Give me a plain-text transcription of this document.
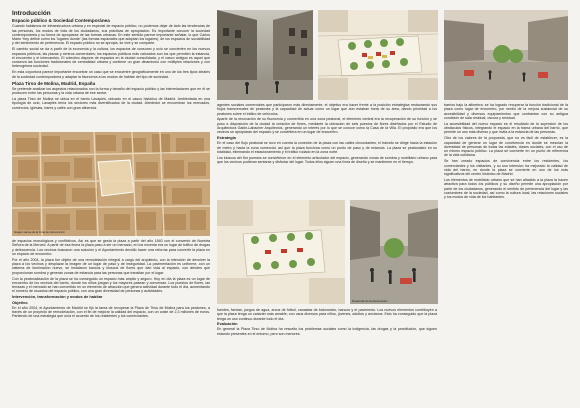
Introducción
Espacio público & Sociedad Contemporánea

Cuando hablamos de infraestructura urbana y en especial de espacio público, no podemos dejar de lado las tendencias de las personas, los modos de vida de los ciudadanos, sus prácticas de apropiación. Es importante conocer la sociedad contemporánea y su forma de apropiarse de las formas urbanas. En este sentido parece importante señalar, lo que Carlos Mario Yory define como los 'lugares donde' (las formas espaciales que adoptan los lugares), de los espacios de sociabilidad y del sentimiento de pertenencia. El espacio público no se apropia, se vive y se comparte.

El cambio social se da a partir de la economía y la cultura, los espacios de consumo y ocio se convierten en los nuevos espacios públicos, las plazas y centros comerciales; los espacios públicos más valorados son los que permiten la estancia, el encuentro y el intercambio. El colectivo dispone de espacios en la ciudad consolidada, y el casco antiguo es aquel que conserva las funciones tradicionales de centralidad urbana y contiene un gran dinamismo con múltiples relaciones y con heterogénea sociedad.

En esta coyuntura parece importante encontrar un caso que se encuentre geográficamente en uno de los tres tipos ideales de la sociedad contemporánea y adaptar la fisonomía a los modos de habitar del tipo de sociedad.

Plaza Tirso de Molina, Madrid, España

Se pretende analizar los aspectos relacionados con la forma y tamaño del espacio público y las interrelaciones que en él se producen entre las personas y la vida urbana de ese sector.

La plaza Tirso de Molina se ubica en el barrio Lavapiés, ubicado en el casco histórico de Madrid. Ambientada en una tipología de ocio, Lavapiés tenía los sectores más diversificados de la ciudad. Alrededor se encuentran los mercados, comercios, iglesias, bares y cafés con gran afluencia.

Imagen aérea de la zona de intervención

de espacios monológicos y conflictivos. Así es que se gesta la plaza a partir del año 1840 con el convento de Nuestra Señora de la Merced. A partir de esa fecha la plaza paso a ser un mercado, en los noventa era un lugar de tráfico de drogas y delincuencia. Los vecinos buscaron una solución y el Ayuntamiento decidió hacer una reforma para convertir la plaza en un espacio de encuentro.

Por el año 2004, la plaza fue objeto de una remodelación integral a cargo del arquitecto, con la intención de devolver la plaza a los vecinos y desplazar la imagen de un lugar de paso y de inseguridad. La pavimentación es uniforme, con un sistema de iluminación nuevo, se instalaron bancos y kioscos de flores que dan vida al espacio, con árboles que proporcionan sombra y generan zonas de estancia para las personas que transitan por el lugar.

Con la peatonalización de la plaza se ha conseguido un espacio más amplio y seguro. Hoy en día la plaza es un lugar de encuentro de los vecinos del barrio, donde los niños juegan y los mayores pasean y conversan. Los puestos de flores, las terrazas y el mercado se han convertido en un elemento de atracción que genera actividad durante todo el día, aumentando el número de usuarios del espacio público, con una gran diversidad de personas y actividades.

Intervención, transformación y modos de habitar
Objetivo

En el año 2004, el Ayuntamiento de Madrid se fijó la tarea de recuperar la Plaza de Tirso de Molina para los peatones, a través de un proyecto de remodelación, con el fin de mejorar la calidad del espacio, con un coste de 2,3 millones de euros. Partiendo de una estrategia que unía el acuerdo de los residentes y los comerciantes.

agentes sociales comerciales que participaron más directamente, el objetivo era hacer frente a la posición estratégica restaurando sus flujos transversales de peatones y la capacidad de actuar como un lugar que aún estaban fuera de su área, dando prioridad a los peatones sobre el tráfico de vehículos.

Aparte de la renovación de su fisonomía y convertirla en una zona peatonal, el elemento central era la recuperación de su función y se puso a disposición de la ciudad la creación de flores, mediante la ubicación de seis puestos de flores diseñados por el Estudio de Arquitectura Gabin-Labacher Arquitectos, generando un interés por lo que se conoce como la Casa de la Villa. El propósito era que los vecinos se apropiaran del espacio y se convirtiera en un lugar de encuentro.

Estrategia

En el caso del flujo peatonal se tuvo en cuenta la conexión de la plaza con las calles circundantes, el tránsito se dirige hacia la estación de metro y hacia la zona comercial, así que la plaza funciona como un punto de paso y de estancia. La plaza se peatonalizó en su totalidad, eliminando el estacionamiento y el tráfico rodado en la zona norte.

Los kioscos del flor puestos se convirtieron en el elemento articulador del espacio, generando zonas de sombra y mobiliario urbano para que los vecinos pudieran sentarse y disfrutar del lugar. Todos ellos siguen una línea de diseño y se mantienen en el tiempo.

Desarrollo de la intervención

fuentes, farolas, juegos de agua, arcos de fútbol, canastas de baloncesto, bancos y el pavimento. Los nuevos elementos contribuyen a que la plaza tenga un carácter más amable, con usos diversos para niños, jóvenes, adultos y ancianos. Esto ha conseguido que la plaza tenga un uso continuo durante todo el día.

Evaluación

En general la Plaza Tirso de Molina ha resuelto los problemas sociales como la indigencia, las drogas y la prostitución, que siguen estando presentes en el entorno, pero son menores.

barrios bajo la alfombra; se ha logrado recuperar la función tradicional de la plaza como lugar de encuentro, por medio de la mejora sustancial de su accesibilidad y diversos equipamientos que contrastan con su antigua condición de sala residual, oscura y residual.

La accesibilidad del nuevo espacio es el resultado de la supresión de los obstáculos físicos, integrando el espacio en la trama urbana del barrio, que permite un uso más diverso y que invita a la estancia de las personas.

Otro de los valores de la propuesta, que no es fácil de establecer, es la capacidad de generar un lugar de convivencia en donde se mezclan la diversidad de personas de todas las edades, clases sociales, con el uso de un mismo espacio público. La plaza se convierte en un punto de referencia de la vida cotidiana.

Se han creado espacios de convivencia entre los residentes, los comerciantes y los visitantes, y su uso intensivo ha mejorado la calidad de vida del barrio, en donde la plaza se convierte en uno de los más significativos del centro histórico de Madrid.

Los elementos de mobiliario urbano que se han añadido a la plaza la hacen atractiva para todos los públicos y su diseño permite una apropiación por parte de los ciudadanos, generando el sentido de pertenencia del lugar y las costumbres de la sociedad, así como la cultura local, las relaciones sociales y los modos de vida de los habitantes.
